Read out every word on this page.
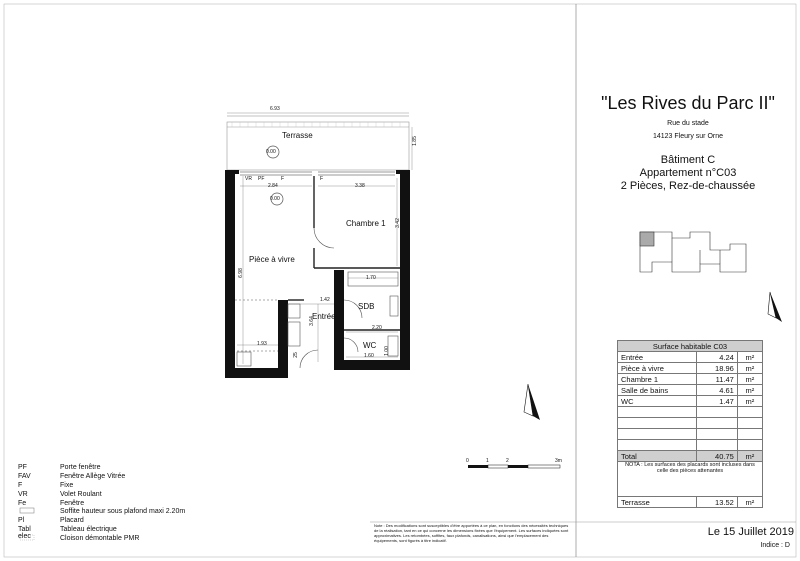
6.93
1.85
Terrasse
0.00
0.00
VR PF	F	F
2.84	3.38
3.42
6.98
Chambre 1
Pièce à vivre
SDB
WC
Entrée
1.70
1.42
3.64
2.20
1.93
1.60
1.00
25
0	1	2	3m
PF	Porte fenêtre
FAV	Fenêtre Allège Vitrée
F	Fixe
VR	Volet Roulant
Fe	Fenêtre
Soffite hauteur sous plafond maxi 2.20m
Pl	Placard
Tabl elec
Tableau électrique
Cloison démontable PMR
Note : Des modifications sont susceptibles d'être apportées à ce plan, en fonctions des nécessités techniques de la réalisation, tant en ce qui concerne les dimensions fixées que l'équipement. Les surfaces indiquées sont approximatives. Les retombées, soffites, faux plafonds, canalisations, ainsi que l'emplacement des équipements, sont figurés à titre indicatif.
"Les Rives du Parc II"
Rue du stade
14123 Fleury sur Orne
Bâtiment C
Appartement n°C03
2 Pièces, Rez-de-chaussée
Surface habitable C03		
Entrée	4.24	m²
Pièce à vivre	18.96	m²
Chambre 1	11.47	m²
Salle de bains	4.61	m²
WC	1.47	m²

Total	40.75	m²
NOTA : Les surfaces des placards sont incluses dans celle des pièces attenantes		
Terrasse	13.52	m²
Le 15 Juillet 2019
Indice : D
